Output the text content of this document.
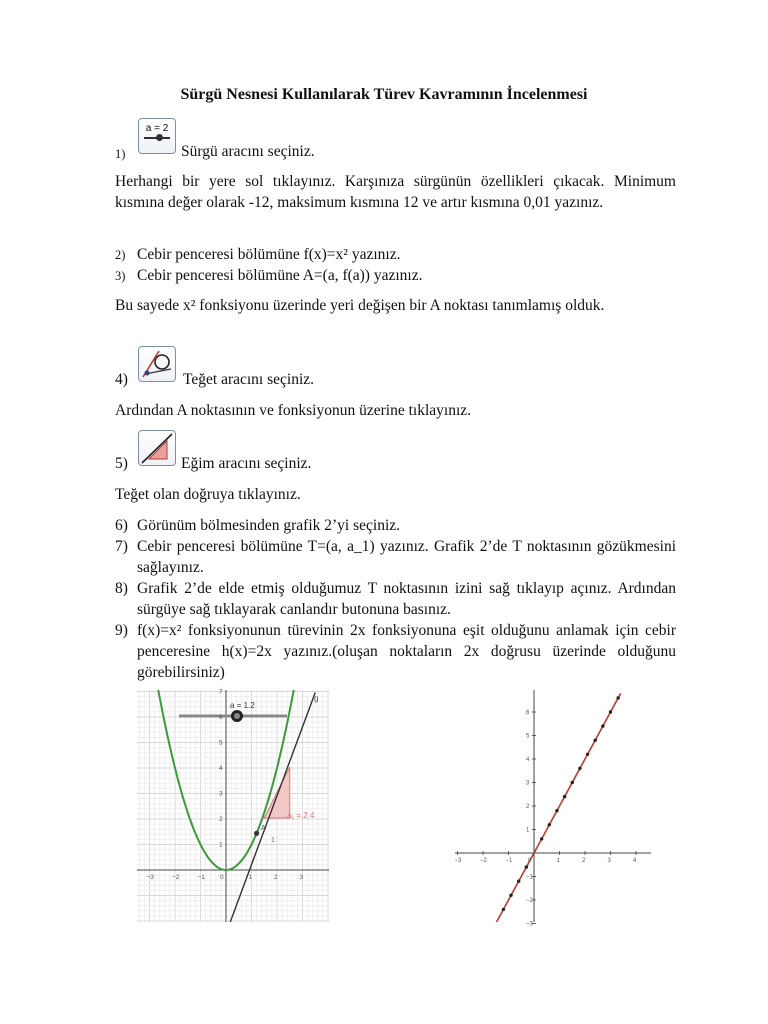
Sürgü Nesnesi Kullanılarak Türev Kavramının İncelenmesi
1)
a = 2
Sürgü aracını seçiniz.
Herhangi bir yere sol tıklayınız. Karşınıza sürgünün özellikleri çıkacak. Minimum kısmına değer olarak -12, maksimum kısmına 12 ve artır kısmına 0,01 yazınız.
2) Cebir penceresi bölümüne f(x)=x² yazınız.
3) Cebir penceresi bölümüne A=(a, f(a)) yazınız.
Bu sayede x² fonksiyonu üzerinde yeri değişen bir A noktası tanımlamış olduk.
4)	Teğet aracını seçiniz.
Ardından A noktasının ve fonksiyonun üzerine tıklayınız.
5)	Eğim aracını seçiniz.
Teğet olan doğruya tıklayınız.
6) Görünüm bölmesinden grafik 2’yi seçiniz.
7) Cebir penceresi bölümüne T=(a, a_1) yazınız. Grafik 2’de T noktasının gözükmesini sağlayınız.
8) Grafik 2’de elde etmiş olduğumuz T noktasının izini sağ tıklayıp açınız. Ardından sürgüye sağ tıklayarak canlandır butonuna basınız.
9) f(x)=x² fonksiyonunun türevinin 2x fonksiyonuna eşit olduğunu anlamak için cebir penceresine h(x)=2x yazınız.(oluşan noktaların 2x doğrusu üzerinde olduğunu görebilirsiniz)
a = 1.2
a₁ = 2.4
1
A
g
−3	−2	−1 0	1	2	3
1
2
3
4
5
6
7
−3	−2	−1	0	1	2	3	4
6
5
4
3
2
1
−1
−2
−3
